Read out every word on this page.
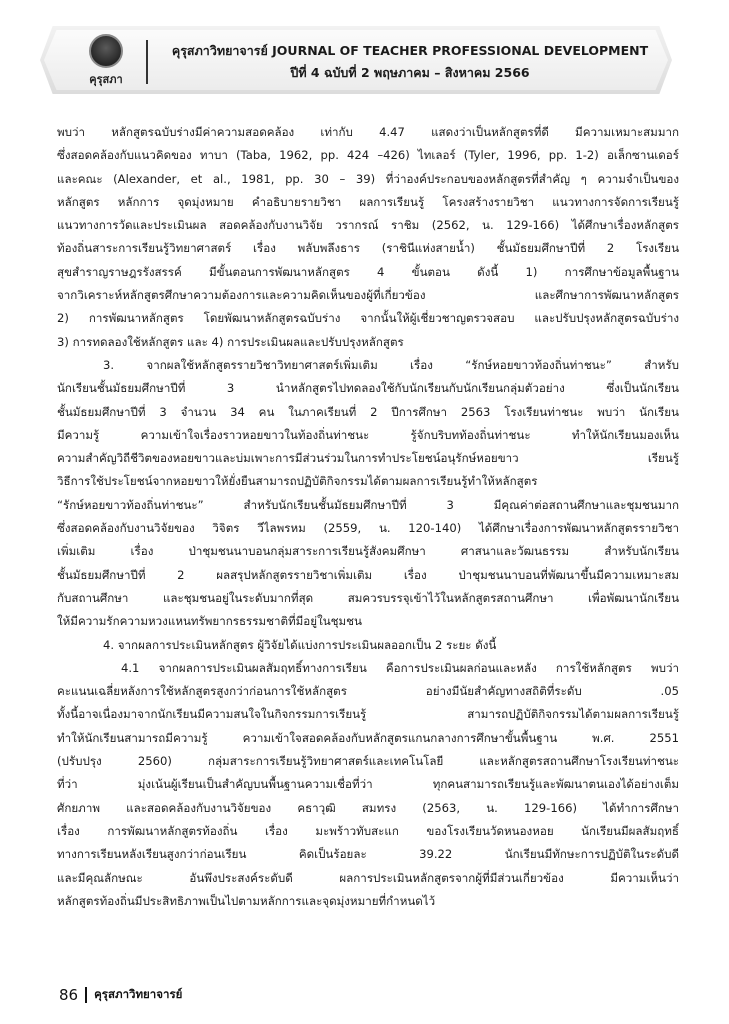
คุรุสภา
คุรุสภาวิทยาจารย์ JOURNAL OF TEACHER PROFESSIONAL DEVELOPMENT
ปีที่ 4 ฉบับที่ 2 พฤษภาคม – สิงหาคม 2566
พบว่า หลักสูตรฉบับร่างมีค่าความสอดคล้อง เท่ากับ 4.47 แสดงว่าเป็นหลักสูตรที่ดี มีความเหมาะสมมาก
ซึ่งสอดคล้องกับแนวคิดของ ทาบา (Taba, 1962, pp. 424 –426) ไทเลอร์ (Tyler, 1996, pp. 1-2) อเล็กซานเดอร์
และคณะ (Alexander, et al., 1981, pp. 30 – 39) ที่ว่าองค์ประกอบของหลักสูตรที่สำคัญ ๆ ความจำเป็นของ
หลักสูตร หลักการ จุดมุ่งหมาย คำอธิบายรายวิชา ผลการเรียนรู้ โครงสร้างรายวิชา แนวทางการจัดการเรียนรู้
แนวทางการวัดและประเมินผล สอดคล้องกับงานวิจัย วรากรณ์ ราชิม (2562, น. 129-166) ได้ศึกษาเรื่องหลักสูตร
ท้องถิ่นสาระการเรียนรู้วิทยาศาสตร์ เรื่อง พลับพลึงธาร (ราชินีแห่งสายน้ำ) ชั้นมัธยมศึกษาปีที่ 2 โรงเรียน
สุขสำราญราษฎรรังสรรค์ มีขั้นตอนการพัฒนาหลักสูตร 4 ขั้นตอน ดังนี้ 1) การศึกษาข้อมูลพื้นฐาน
จากวิเคราะห์หลักสูตรศึกษาความต้องการและความคิดเห็นของผู้ที่เกี่ยวข้อง และศึกษาการพัฒนาหลักสูตร
2) การพัฒนาหลักสูตร โดยพัฒนาหลักสูตรฉบับร่าง จากนั้นให้ผู้เชี่ยวชาญตรวจสอบ และปรับปรุงหลักสูตรฉบับร่าง
3) การทดลองใช้หลักสูตร และ 4) การประเมินผลและปรับปรุงหลักสูตร
3. จากผลใช้หลักสูตรรายวิชาวิทยาศาสตร์เพิ่มเติม เรื่อง “รักษ์หอยขาวท้องถิ่นท่าชนะ” สำหรับ
นักเรียนชั้นมัธยมศึกษาปีที่ 3 นำหลักสูตรไปทดลองใช้กับนักเรียนกับนักเรียนกลุ่มตัวอย่าง ซึ่งเป็นนักเรียน
ชั้นมัธยมศึกษาปีที่ 3 จำนวน 34 คน ในภาคเรียนที่ 2 ปีการศึกษา 2563 โรงเรียนท่าชนะ พบว่า นักเรียน
มีความรู้ ความเข้าใจเรื่องราวหอยขาวในท้องถิ่นท่าชนะ รู้จักบริบทท้องถิ่นท่าชนะ ทำให้นักเรียนมองเห็น
ความสำคัญวิถีชีวิตของหอยขาวและบ่มเพาะการมีส่วนร่วมในการทำประโยชน์อนุรักษ์หอยขาว เรียนรู้
วิธีการใช้ประโยชน์จากหอยขาวให้ยั่งยืนสามารถปฏิบัติกิจกรรมได้ตามผลการเรียนรู้ทำให้หลักสูตร
“รักษ์หอยขาวท้องถิ่นท่าชนะ” สำหรับนักเรียนชั้นมัธยมศึกษาปีที่ 3 มีคุณค่าต่อสถานศึกษาและชุมชนมาก
ซึ่งสอดคล้องกับงานวิจัยของ วิจิตร วีไลพรหม (2559, น. 120-140) ได้ศึกษาเรื่องการพัฒนาหลักสูตรรายวิชา
เพิ่มเติม เรื่อง ป่าชุมชนนาบอนกลุ่มสาระการเรียนรู้สังคมศึกษา ศาสนาและวัฒนธรรม สำหรับนักเรียน
ชั้นมัธยมศึกษาปีที่ 2 ผลสรุปหลักสูตรรายวิชาเพิ่มเติม เรื่อง ป่าชุมชนนาบอนที่พัฒนาขึ้นมีความเหมาะสม
กับสถานศึกษา และชุมชนอยู่ในระดับมากที่สุด สมควรบรรจุเข้าไว้ในหลักสูตรสถานศึกษา เพื่อพัฒนานักเรียน
ให้มีความรักความหวงแหนทรัพยากรธรรมชาติที่มีอยู่ในชุมชน
4. จากผลการประเมินหลักสูตร ผู้วิจัยได้แบ่งการประเมินผลออกเป็น 2 ระยะ ดังนี้
4.1 จากผลการประเมินผลสัมฤทธิ์ทางการเรียน คือการประเมินผลก่อนและหลัง การใช้หลักสูตร พบว่า
คะแนนเฉลี่ยหลังการใช้หลักสูตรสูงกว่าก่อนการใช้หลักสูตร อย่างมีนัยสำคัญทางสถิติที่ระดับ .05
ทั้งนี้อาจเนื่องมาจากนักเรียนมีความสนใจในกิจกรรมการเรียนรู้ สามารถปฏิบัติกิจกรรมได้ตามผลการเรียนรู้
ทำให้นักเรียนสามารถมีความรู้ ความเข้าใจสอดคล้องกับหลักสูตรแกนกลางการศึกษาขั้นพื้นฐาน พ.ศ. 2551
(ปรับปรุง 2560) กลุ่มสาระการเรียนรู้วิทยาศาสตร์และเทคโนโลยี และหลักสูตรสถานศึกษาโรงเรียนท่าชนะ
ที่ว่า มุ่งเน้นผู้เรียนเป็นสำคัญบนพื้นฐานความเชื่อที่ว่า ทุกคนสามารถเรียนรู้และพัฒนาตนเองได้อย่างเต็ม
ศักยภาพ และสอดคล้องกับงานวิจัยของ คธาวุฒิ สมทรง (2563, น. 129-166) ได้ทำการศึกษา
เรื่อง การพัฒนาหลักสูตรท้องถิ่น เรื่อง มะพร้าวทับสะแก ของโรงเรียนวัดหนองหอย นักเรียนมีผลสัมฤทธิ์
ทางการเรียนหลังเรียนสูงกว่าก่อนเรียน คิดเป็นร้อยละ 39.22 นักเรียนมีทักษะการปฏิบัติในระดับดี
และมีคุณลักษณะ อันพึงประสงค์ระดับดี ผลการประเมินหลักสูตรจากผู้ที่มีส่วนเกี่ยวข้อง มีความเห็นว่า
หลักสูตรท้องถิ่นมีประสิทธิภาพเป็นไปตามหลักการและจุดมุ่งหมายที่กำหนดไว้
86 คุรุสภาวิทยาจารย์
